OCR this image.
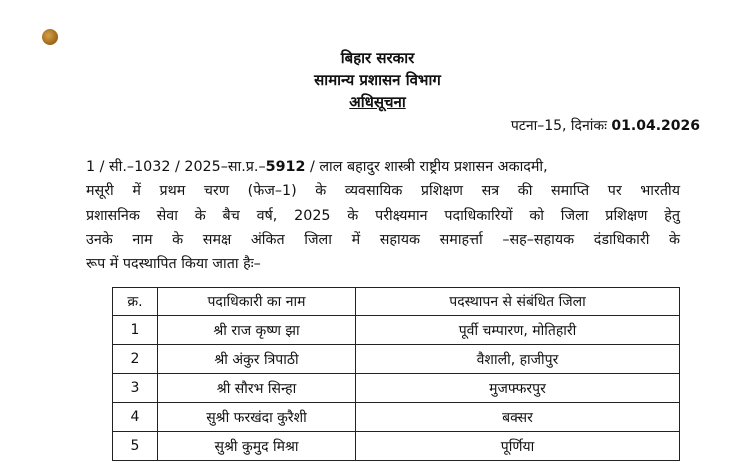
बिहार सरकार
सामान्य प्रशासन विभाग
अधिसूचना
पटना–15, दिनांकः 01.04.2026
1 / सी.–1032 / 2025–सा.प्र.–5912 / लाल बहादुर शास्त्री राष्ट्रीय प्रशासन अकादमी,
मसूरी में प्रथम चरण (फेज–1) के व्यवसायिक प्रशिक्षण सत्र की समाप्ति पर भारतीय
प्रशासनिक सेवा के बैच वर्ष, 2025 के परीक्ष्यमान पदाधिकारियों को जिला प्रशिक्षण हेतु
उनके नाम के समक्ष अंकित जिला में सहायक समाहर्त्ता –सह–सहायक दंडाधिकारी के
रूप में पदस्थापित किया जाता हैः–
क्र.	पदाधिकारी का नाम	पदस्थापन से संबंधित जिला
1	श्री राज कृष्ण झा	पूर्वी चम्पारण, मोतिहारी
2	श्री अंकुर त्रिपाठी	वैशाली, हाजीपुर
3	श्री सौरभ सिन्हा	मुजफ्फरपुर
4	सुश्री फरखंदा कुरैशी	बक्सर
5	सुश्री कुमुद मिश्रा	पूर्णिया
